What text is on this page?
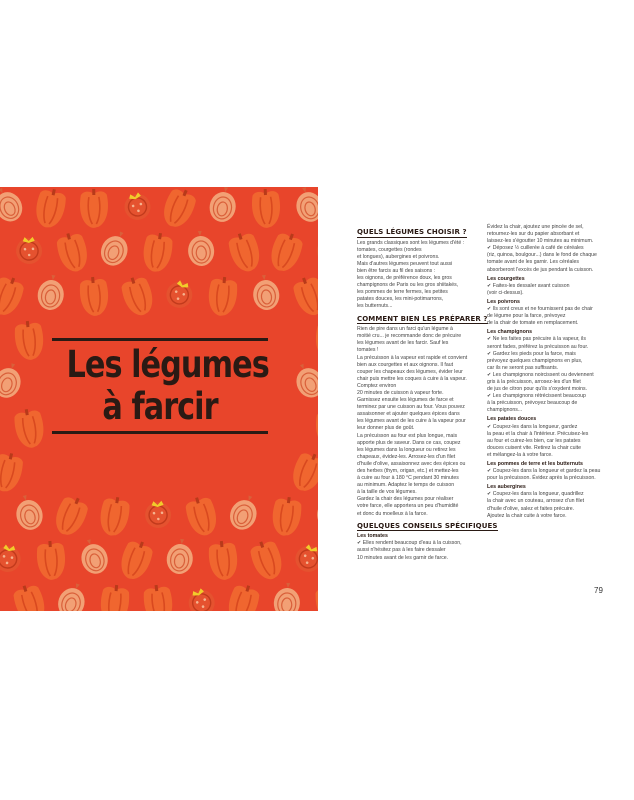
Les légumes
à farcir
QUELS LÉGUMES CHOISIR ?
Les grands classiques sont les légumes d'été :
tomates, courgettes (rondes
et longues), aubergines et poivrons.
Mais d'autres légumes peuvent tout aussi
bien être farcis au fil des saisons :
les oignons, de préférence doux, les gros
champignons de Paris ou les gros shiitakés,
les pommes de terre fermes, les petites
patates douces, les mini-potimarrons,
les butternuts...
COMMENT BIEN LES PRÉPARER ?
Rien de pire dans un farci qu'un légume à
moitié cru... je recommande donc de précuire
les légumes avant de les farcir. Sauf les
tomates !
La précuisson à la vapeur est rapide et convient
bien aux courgettes et aux oignons. Il faut
couper les chapeaux des légumes, évider leur
chair puis mettre les coques à cuire à la vapeur. Comptez environ
20 minutes de cuisson à vapeur forte.
Garnissez ensuite les légumes de farce et
terminez par une cuisson au four. Vous pouvez
assaisonner et ajouter quelques épices dans
les légumes avant de les cuire à la vapeur pour
leur donner plus de goût.
La précuisson au four est plus longue, mais
apporte plus de saveur. Dans ce cas, coupez
les légumes dans la longueur ou retirez les
chapeaux, évidez-les. Arrosez-les d'un filet
d'huile d'olive, assaisonnez avec des épices ou
des herbes (thym, origan, etc.) et mettez-les
à cuire au four à 180 °C pendant 30 minutes
au minimum. Adaptez le temps de cuisson
à la taille de vos légumes.
Gardez la chair des légumes pour réaliser
votre farce, elle apportera un peu d'humidité
et donc du moelleux à la farce.
QUELQUES CONSEILS SPÉCIFIQUES
Les tomates
✔ Elles rendent beaucoup d'eau à la cuisson,
aussi n'hésitez pas à les faire dessaler
10 minutes avant de les garnir de farce.
Évidez la chair, ajoutez une pincée de sel,
retournez-les sur du papier absorbant et
laissez-les s'égoutter 10 minutes au minimum.
✔ Déposez ½ cuillerée à café de céréales
(riz, quinoa, boulgour...) dans le fond de chaque
tomate avant de les garnir. Les céréales
absorberont l'excès de jus pendant la cuisson.
Les courgettes
✔ Faites-les dessaler avant cuisson
(voir ci-dessus).
Les poivrons
✔ Ils sont creux et ne fournissent pas de chair
de légume pour la farce, prévoyez
de la chair de tomate en remplacement.
Les champignons
✔ Ne les faites pas précuire à la vapeur, ils
seront fades, préférez la précuisson au four.
✔ Gardez les pieds pour la farce, mais
prévoyez quelques champignons en plus,
car ils ne seront pas suffisants.
✔ Les champignons noircissent ou deviennent
gris à la précuisson, arrosez-les d'un filet
de jus de citron pour qu'ils s'oxydent moins.
✔ Les champignons rétrécissent beaucoup
à la précuisson, prévoyez beaucoup de
champignons...
Les patates douces
✔ Coupez-les dans la longueur, gardez
la peau et la chair à l'intérieur. Précuisez-les
au four et cuirez-les bien, car les patates
douces cuisent vite. Retirez la chair cuite
et mélangez-la à votre farce.
Les pommes de terre et les butternuts
✔ Coupez-les dans la longueur et gardez la peau
pour la précuisson. Évidez après la précuisson.
Les aubergines
✔ Coupez-les dans la longueur, quadrillez
la chair avec un couteau, arrosez d'un filet
d'huile d'olive, salez et faites précuire.
Ajoutez la chair cuite à votre farce.
79
